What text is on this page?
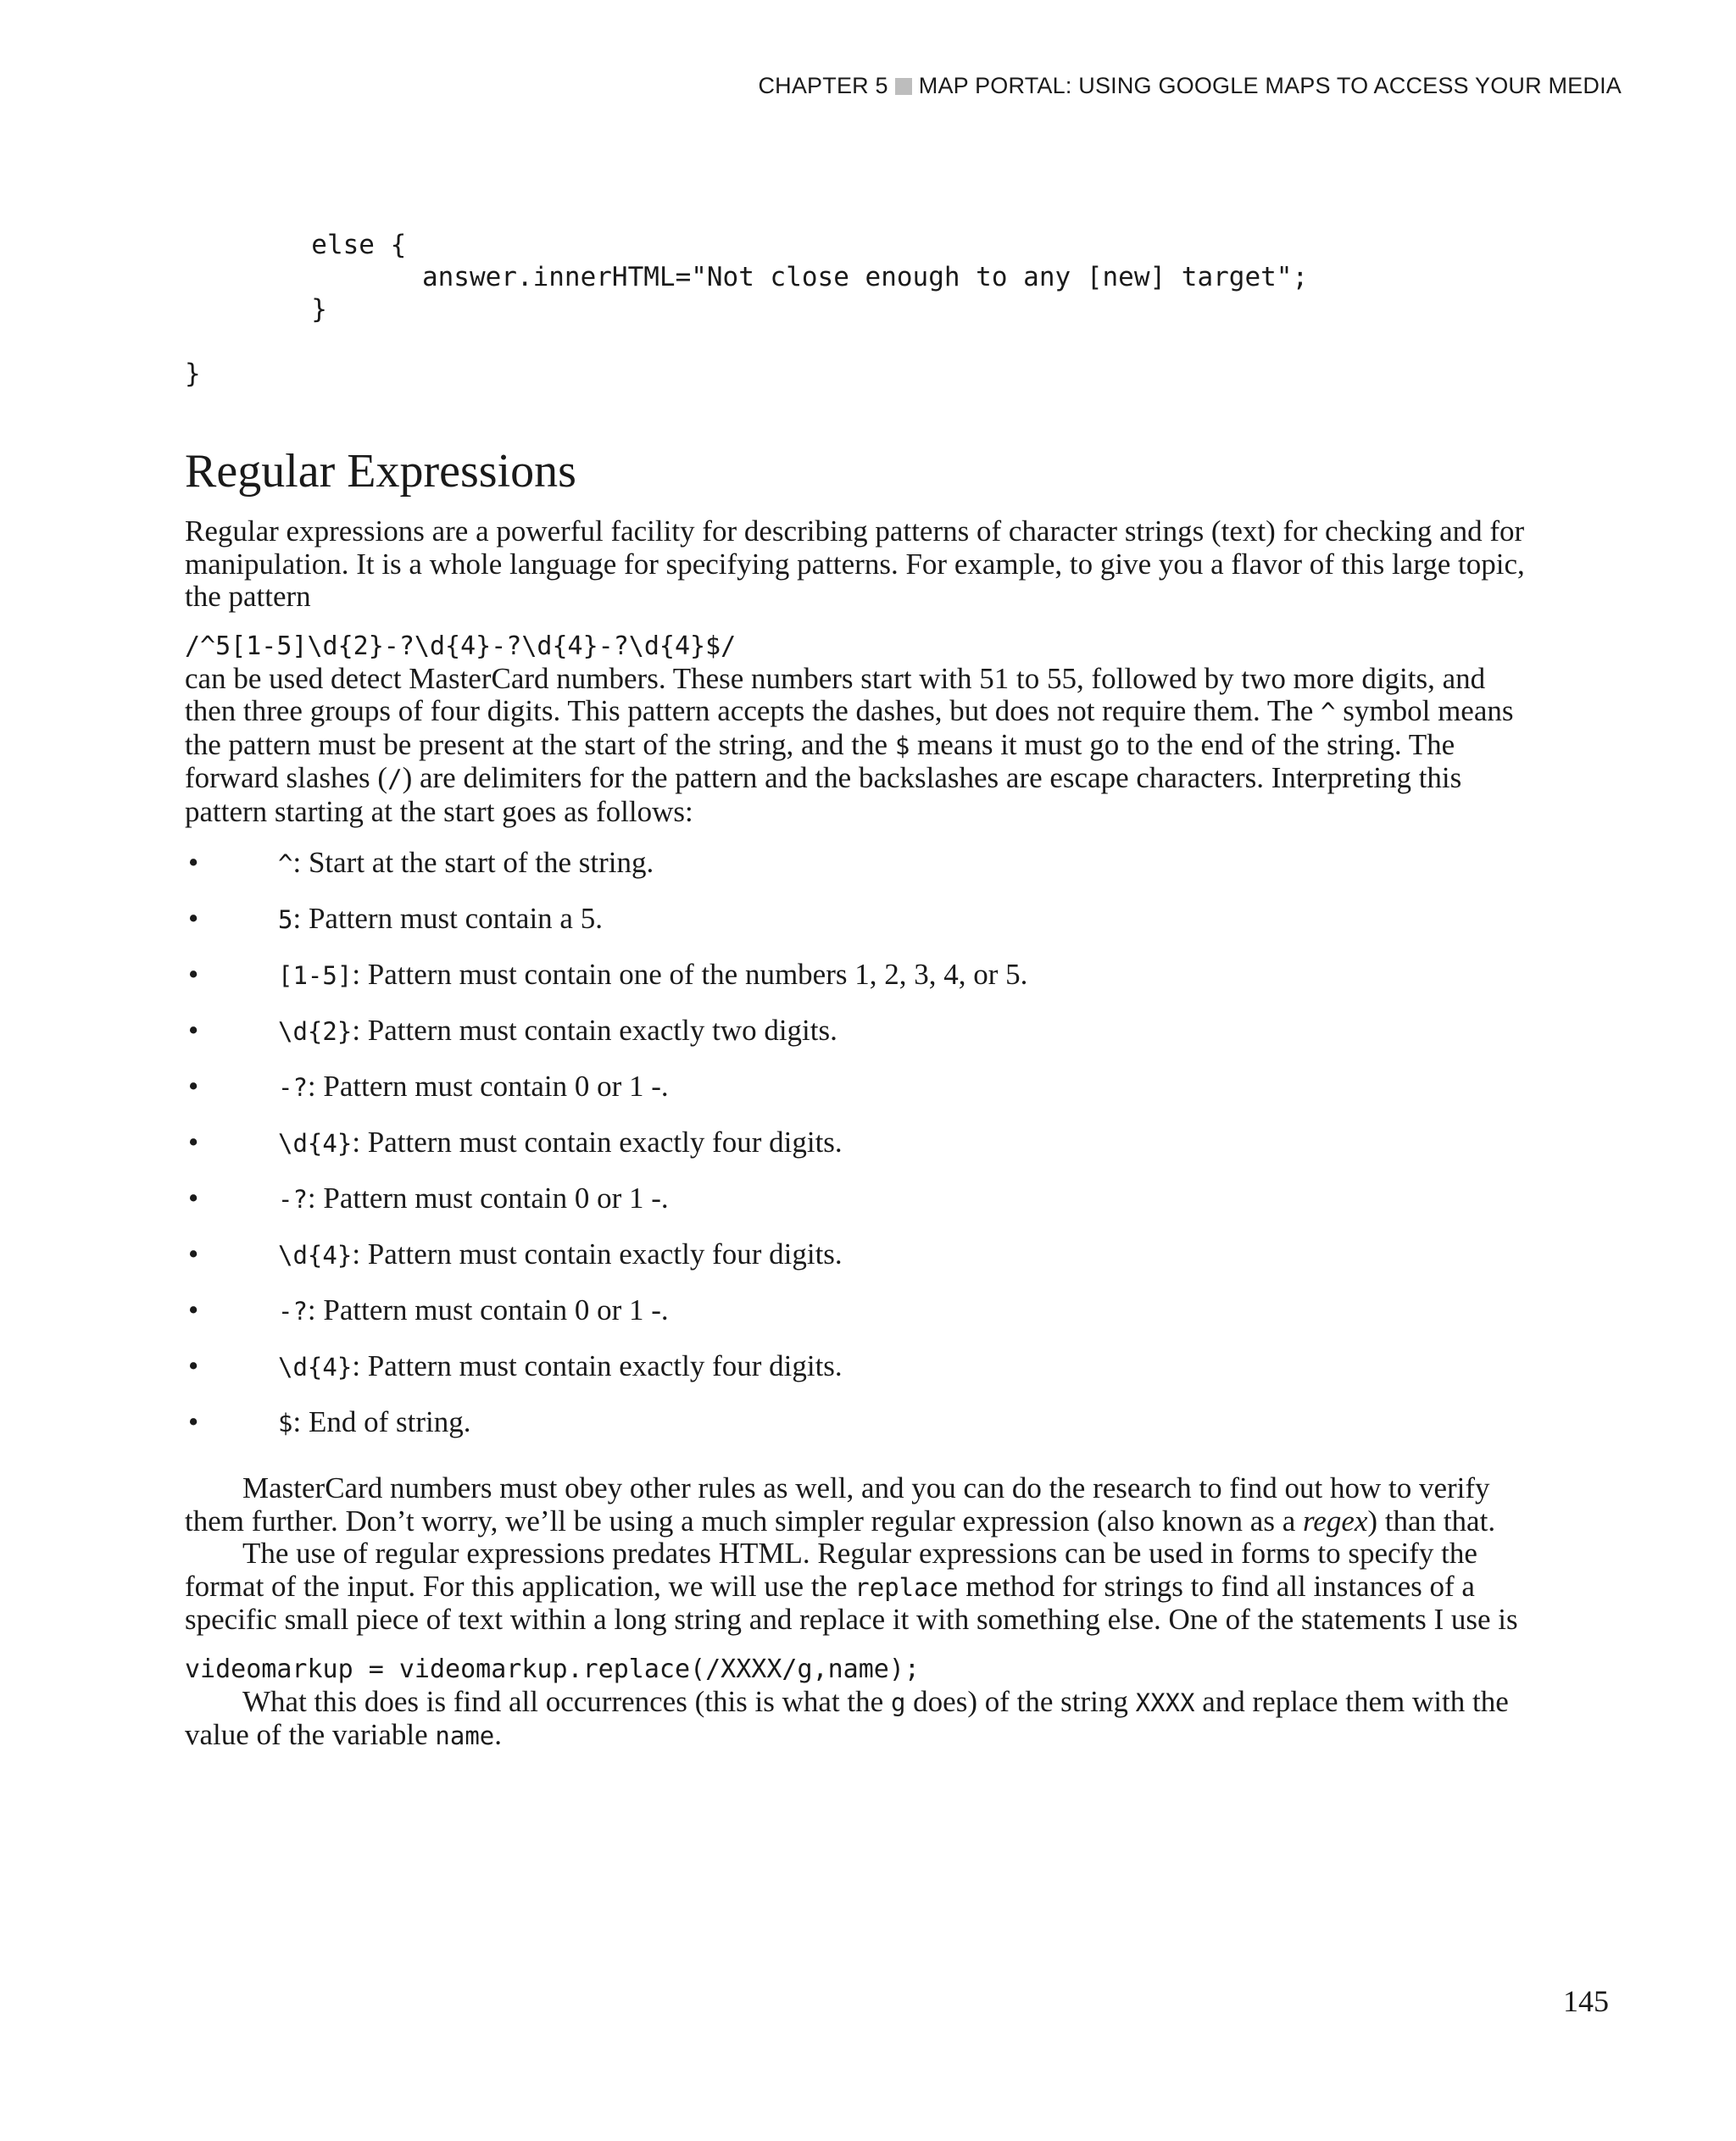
CHAPTER 5 MAP PORTAL: USING GOOGLE MAPS TO ACCESS YOUR MEDIA
else {
answer.innerHTML="Not close enough to any [new] target";
}

}
Regular Expressions

Regular expressions are a powerful facility for describing patterns of character strings (text) for checking and for manipulation. It is a whole language for specifying patterns. For example, to give you a flavor of this large topic, the pattern

/^5[1-5]\d{2}-?\d{4}-?\d{4}-?\d{4}$/

can be used detect MasterCard numbers. These numbers start with 51 to 55, followed by two more digits, and then three groups of four digits. This pattern accepts the dashes, but does not require them. The ^ symbol means the pattern must be present at the start of the string, and the $ means it must go to the end of the string. The forward slashes (/) are delimiters for the pattern and the backslashes are escape characters. Interpreting this pattern starting at the start goes as follows:

•	^: Start at the start of the string.
•	5: Pattern must contain a 5.
•	[1-5]: Pattern must contain one of the numbers 1, 2, 3, 4, or 5.
•	\d{2}: Pattern must contain exactly two digits.
•	-?: Pattern must contain 0 or 1 -.
•	\d{4}: Pattern must contain exactly four digits.
•	-?: Pattern must contain 0 or 1 -.
•	\d{4}: Pattern must contain exactly four digits.
•	-?: Pattern must contain 0 or 1 -.
•	\d{4}: Pattern must contain exactly four digits.
•	$: End of string.

MasterCard numbers must obey other rules as well, and you can do the research to find out how to verify them further. Don’t worry, we’ll be using a much simpler regular expression (also known as a regex) than that.

The use of regular expressions predates HTML. Regular expressions can be used in forms to specify the format of the input. For this application, we will use the replace method for strings to find all instances of a specific small piece of text within a long string and replace it with something else. One of the statements I use is

videomarkup = videomarkup.replace(/XXXX/g,name);

What this does is find all occurrences (this is what the g does) of the string XXXX and replace them with the value of the variable name.

145
